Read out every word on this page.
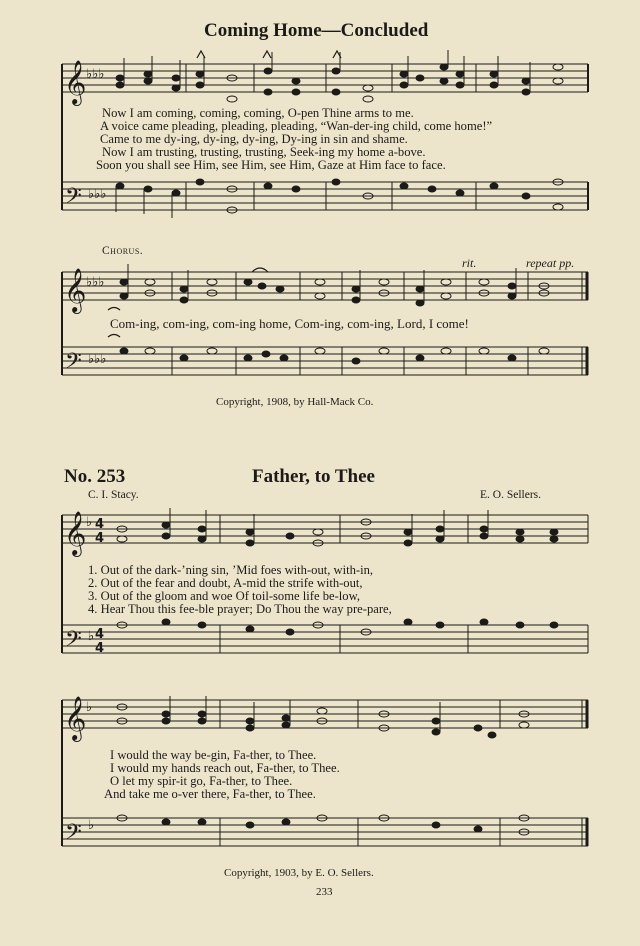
𝄞
𝄢
♭♭♭
♭♭♭
𝄞
𝄢
♭♭♭
♭♭♭
𝄞
𝄢
♭ 4
4
♭ 4
4
𝄞
𝄢
♭
♭
Coming Home—Concluded
Now I am coming, coming, coming, O-pen Thine arms to me.
A voice came pleading, pleading, pleading, “Wan-der-ing child, come home!”
Came to me dy-ing, dy-ing, dy-ing, Dy-ing in sin and shame.
Now I am trusting, trusting, trusting, Seek-ing my home a-bove.
Soon you shall see Him, see Him, see Him, Gaze at Him face to face.
Chorus.
rit.	repeat pp.
Com-ing, com-ing, com-ing home, Com-ing, com-ing, Lord, I come!
Copyright, 1908, by Hall-Mack Co.
No. 253	Father, to Thee
C. I. Stacy.	E. O. Sellers.
1. Out of the dark-’ning sin, ’Mid foes with-out, with-in,
2. Out of the fear and doubt, A-mid the strife with-out,
3. Out of the gloom and woe Of toil-some life be-low,
4. Hear Thou this fee-ble prayer; Do Thou the way pre-pare,
I would the way be-gin, Fa-ther, to Thee.
I would my hands reach out, Fa-ther, to Thee.
O let my spir-it go, Fa-ther, to Thee.
And take me o-ver there, Fa-ther, to Thee.
Copyright, 1903, by E. O. Sellers.
233
